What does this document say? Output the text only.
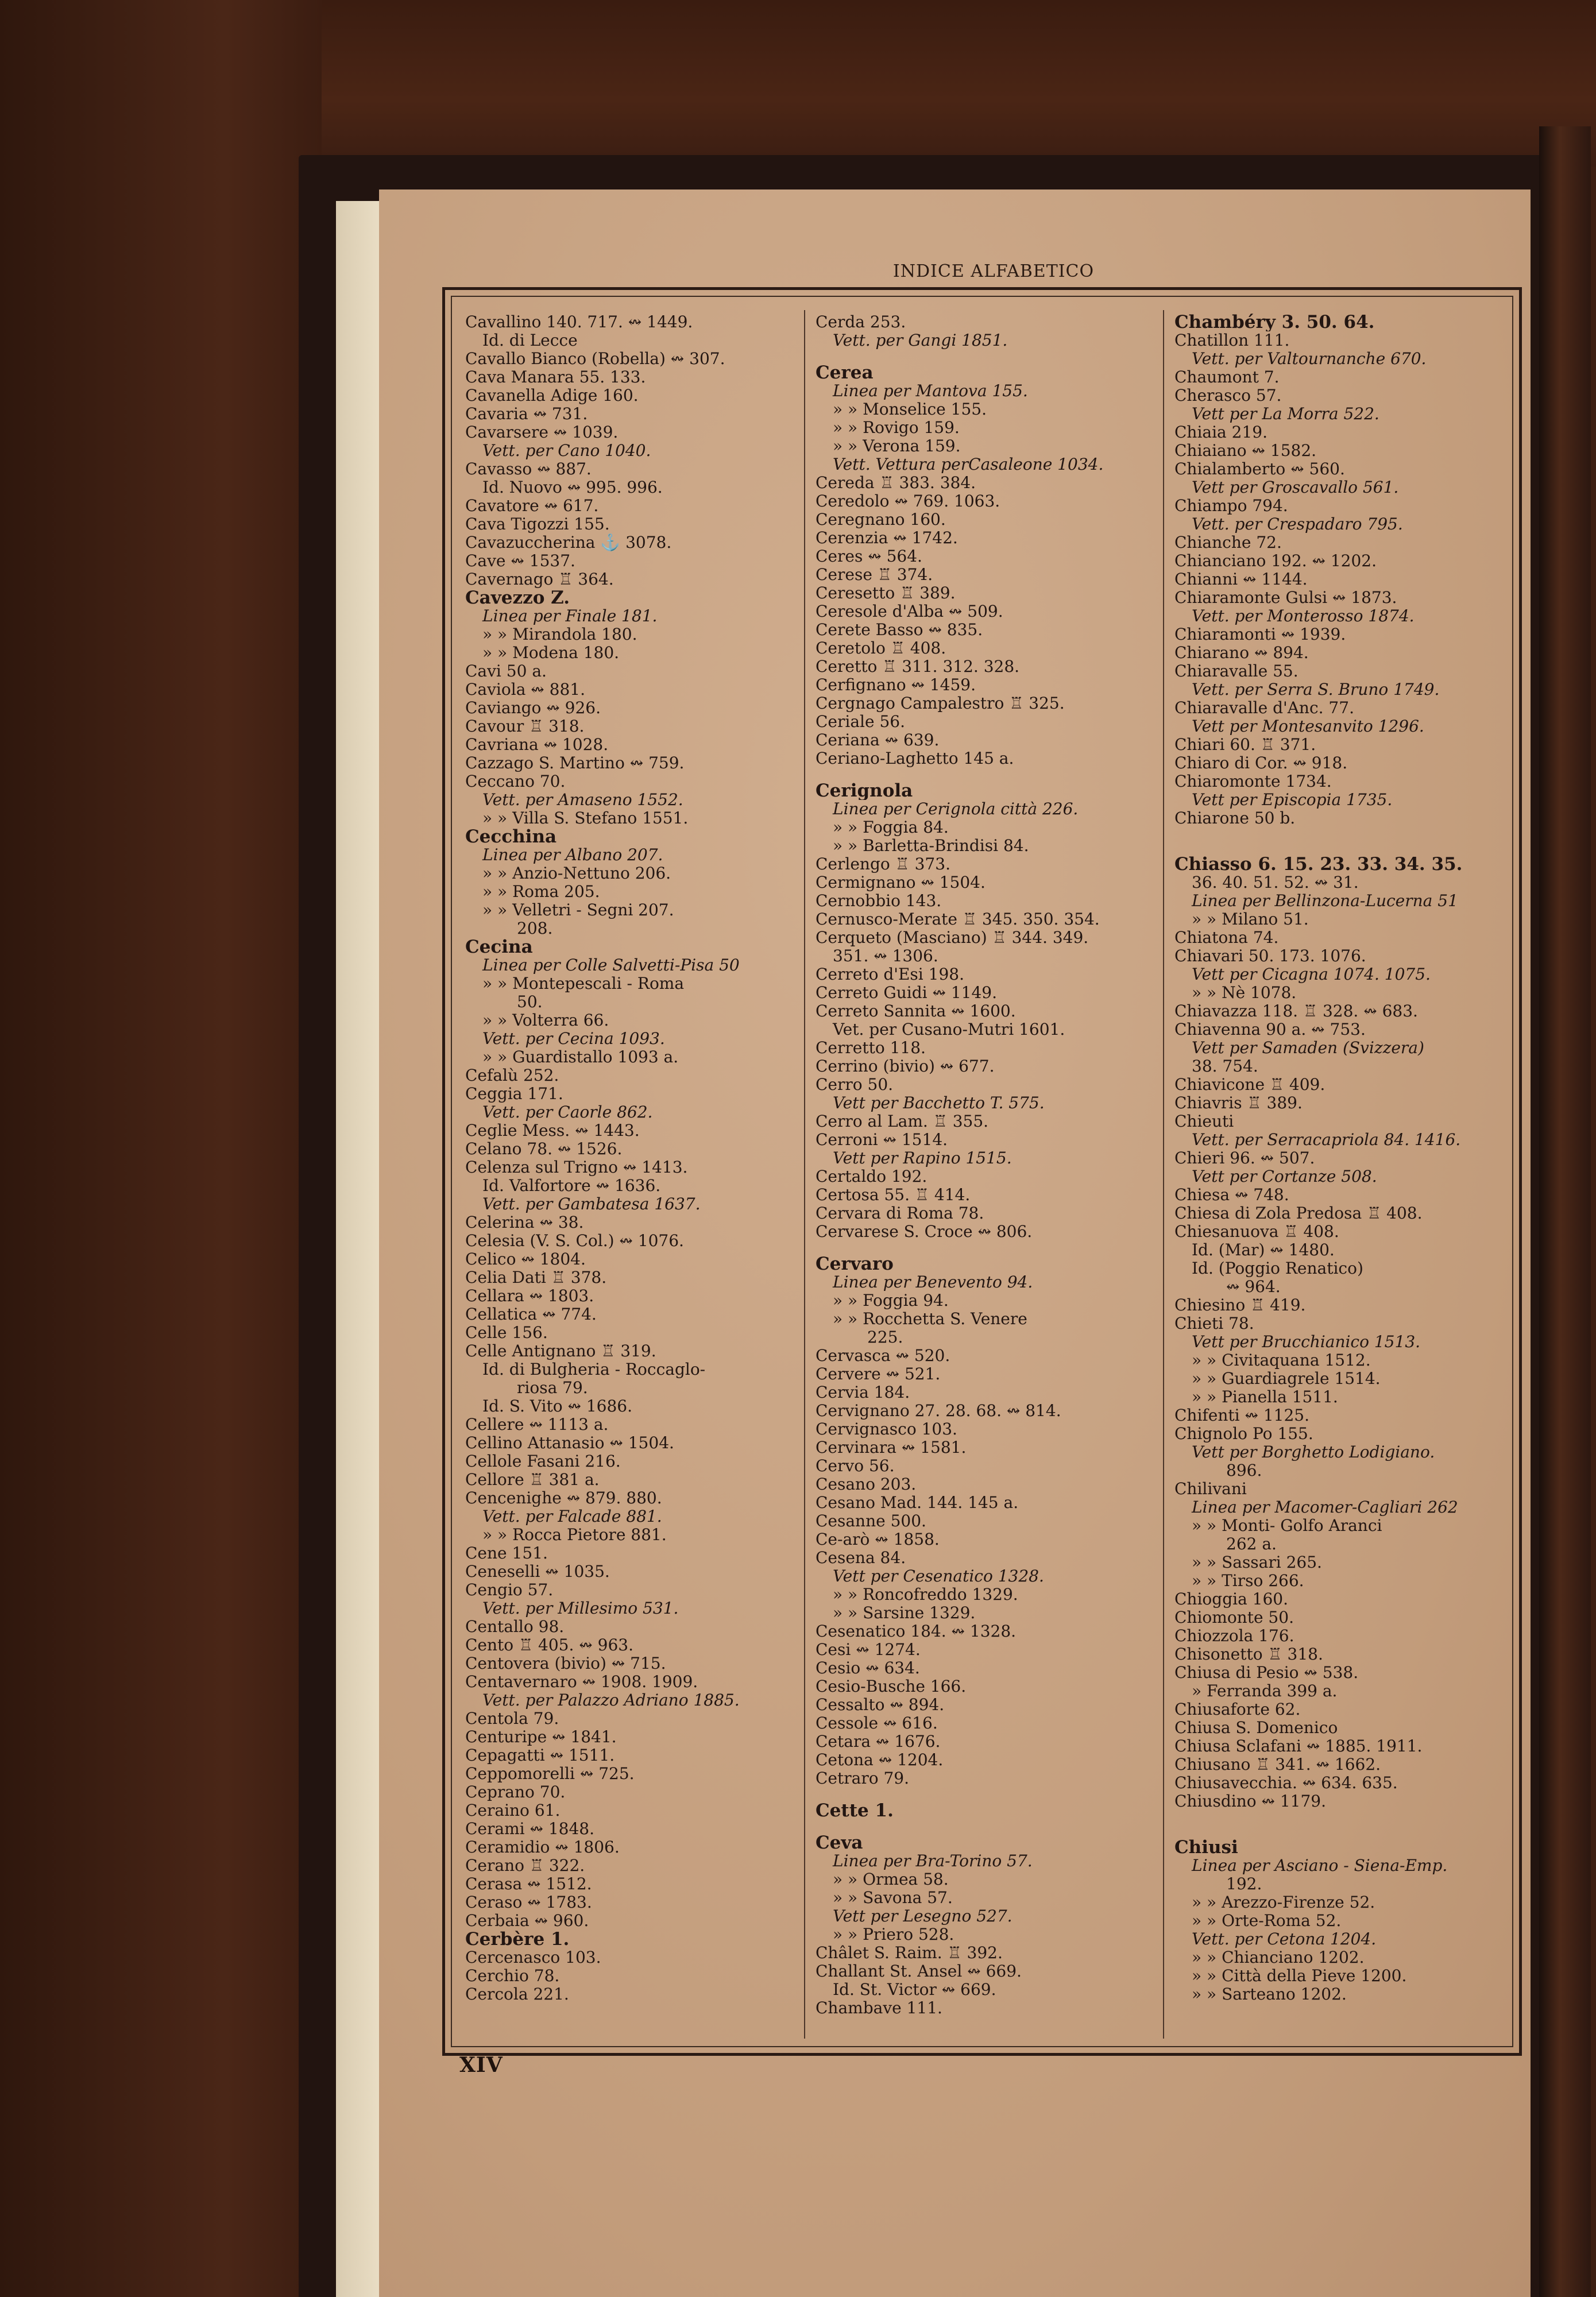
INDICE ALFABETICO
Cavallino 140. 717. ↭ 1449.
Id. di Lecce
Cavallo Bianco (Robella) ↭ 307.
Cava Manara 55. 133.
Cavanella Adige 160.
Cavaria ↭ 731.
Cavarsere ↭ 1039.
Vett. per Cano 1040.
Cavasso ↭ 887.
Id. Nuovo ↭ 995. 996.
Cavatore ↭ 617.
Cava Tigozzi 155.
Cavazuccherina ⚓ 3078.
Cave ↭ 1537.
Cavernago ♖ 364.
Cavezzo Z.
Linea per Finale 181.
» » Mirandola 180.
» » Modena 180.
Cavi 50 a.
Caviola ↭ 881.
Caviango ↭ 926.
Cavour ♖ 318.
Cavriana ↭ 1028.
Cazzago S. Martino ↭ 759.
Ceccano 70.
Vett. per Amaseno 1552.
» » Villa S. Stefano 1551.
Cecchina
Linea per Albano 207.
» » Anzio-Nettuno 206.
» » Roma 205.
» » Velletri - Segni 207.
208.
Cecina
Linea per Colle Salvetti-Pisa 50
» » Montepescali - Roma
50.
» » Volterra 66.
Vett. per Cecina 1093.
» » Guardistallo 1093 a.
Cefalù 252.
Ceggia 171.
Vett. per Caorle 862.
Ceglie Mess. ↭ 1443.
Celano 78. ↭ 1526.
Celenza sul Trigno ↭ 1413.
Id. Valfortore ↭ 1636.
Vett. per Gambatesa 1637.
Celerina ↭ 38.
Celesia (V. S. Col.) ↭ 1076.
Celico ↭ 1804.
Celia Dati ♖ 378.
Cellara ↭ 1803.
Cellatica ↭ 774.
Celle 156.
Celle Antignano ♖ 319.
Id. di Bulgheria - Roccaglo-
riosa 79.
Id. S. Vito ↭ 1686.
Cellere ↭ 1113 a.
Cellino Attanasio ↭ 1504.
Cellole Fasani 216.
Cellore ♖ 381 a.
Cencenighe ↭ 879. 880.
Vett. per Falcade 881.
» » Rocca Pietore 881.
Cene 151.
Ceneselli ↭ 1035.
Cengio 57.
Vett. per Millesimo 531.
Centallo 98.
Cento ♖ 405. ↭ 963.
Centovera (bivio) ↭ 715.
Centavernaro ↭ 1908. 1909.
Vett. per Palazzo Adriano 1885.
Centola 79.
Centuripe ↭ 1841.
Cepagatti ↭ 1511.
Ceppomorelli ↭ 725.
Ceprano 70.
Ceraino 61.
Cerami ↭ 1848.
Ceramidio ↭ 1806.
Cerano ♖ 322.
Cerasa ↭ 1512.
Ceraso ↭ 1783.
Cerbaia ↭ 960.
Cerbère 1.
Cercenasco 103.
Cerchio 78.
Cercola 221.
Cerda 253.
Vett. per Gangi 1851.
Cerea
Linea per Mantova 155.
» » Monselice 155.
» » Rovigo 159.
» » Verona 159.
Vett. Vettura perCasaleone 1034.
Cereda ♖ 383. 384.
Ceredolo ↭ 769. 1063.
Ceregnano 160.
Cerenzia ↭ 1742.
Ceres ↭ 564.
Cerese ♖ 374.
Ceresetto ♖ 389.
Ceresole d'Alba ↭ 509.
Cerete Basso ↭ 835.
Ceretolo ♖ 408.
Ceretto ♖ 311. 312. 328.
Cerfignano ↭ 1459.
Cergnago Campalestro ♖ 325.
Ceriale 56.
Ceriana ↭ 639.
Ceriano-Laghetto 145 a.
Cerignola
Linea per Cerignola città 226.
» » Foggia 84.
» » Barletta-Brindisi 84.
Cerlengo ♖ 373.
Cermignano ↭ 1504.
Cernobbio 143.
Cernusco-Merate ♖ 345. 350. 354.
Cerqueto (Masciano) ♖ 344. 349.
351. ↭ 1306.
Cerreto d'Esi 198.
Cerreto Guidi ↭ 1149.
Cerreto Sannita ↭ 1600.
Vet. per Cusano-Mutri 1601.
Cerretto 118.
Cerrino (bivio) ↭ 677.
Cerro 50.
Vett per Bacchetto T. 575.
Cerro al Lam. ♖ 355.
Cerroni ↭ 1514.
Vett per Rapino 1515.
Certaldo 192.
Certosa 55. ♖ 414.
Cervara di Roma 78.
Cervarese S. Croce ↭ 806.
Cervaro
Linea per Benevento 94.
» » Foggia 94.
» » Rocchetta S. Venere
225.
Cervasca ↭ 520.
Cervere ↭ 521.
Cervia 184.
Cervignano 27. 28. 68. ↭ 814.
Cervignasco 103.
Cervinara ↭ 1581.
Cervo 56.
Cesano 203.
Cesano Mad. 144. 145 a.
Cesanne 500.
Ce-arò ↭ 1858.
Cesena 84.
Vett per Cesenatico 1328.
» » Roncofreddo 1329.
» » Sarsine 1329.
Cesenatico 184. ↭ 1328.
Cesi ↭ 1274.
Cesio ↭ 634.
Cesio-Busche 166.
Cessalto ↭ 894.
Cessole ↭ 616.
Cetara ↭ 1676.
Cetona ↭ 1204.
Cetraro 79.
Cette 1.
Ceva
Linea per Bra-Torino 57.
» » Ormea 58.
» » Savona 57.
Vett per Lesegno 527.
» » Priero 528.
Châlet S. Raim. ♖ 392.
Challant St. Ansel ↭ 669.
Id. St. Victor ↭ 669.
Chambave 111.
Chambéry 3. 50. 64.
Chatillon 111.
Vett. per Valtournanche 670.
Chaumont 7.
Cherasco 57.
Vett per La Morra 522.
Chiaia 219.
Chiaiano ↭ 1582.
Chialamberto ↭ 560.
Vett per Groscavallo 561.
Chiampo 794.
Vett. per Crespadaro 795.
Chianche 72.
Chianciano 192. ↭ 1202.
Chianni ↭ 1144.
Chiaramonte Gulsi ↭ 1873.
Vett. per Monterosso 1874.
Chiaramonti ↭ 1939.
Chiarano ↭ 894.
Chiaravalle 55.
Vett. per Serra S. Bruno 1749.
Chiaravalle d'Anc. 77.
Vett per Montesanvito 1296.
Chiari 60. ♖ 371.
Chiaro di Cor. ↭ 918.
Chiaromonte 1734.
Vett per Episcopia 1735.
Chiarone 50 b.
Chiasso 6. 15. 23. 33. 34. 35.
36. 40. 51. 52. ↭ 31.
Linea per Bellinzona-Lucerna 51
» » Milano 51.
Chiatona 74.
Chiavari 50. 173. 1076.
Vett per Cicagna 1074. 1075.
» » Nè 1078.
Chiavazza 118. ♖ 328. ↭ 683.
Chiavenna 90 a. ↭ 753.
Vett per Samaden (Svizzera)
38. 754.
Chiavicone ♖ 409.
Chiavris ♖ 389.
Chieuti
Vett. per Serracapriola 84. 1416.
Chieri 96. ↭ 507.
Vett per Cortanze 508.
Chiesa ↭ 748.
Chiesa di Zola Predosa ♖ 408.
Chiesanuova ♖ 408.
Id. (Mar) ↭ 1480.
Id. (Poggio Renatico)
↭ 964.
Chiesino ♖ 419.
Chieti 78.
Vett per Brucchianico 1513.
» » Civitaquana 1512.
» » Guardiagrele 1514.
» » Pianella 1511.
Chifenti ↭ 1125.
Chignolo Po 155.
Vett per Borghetto Lodigiano.
896.
Chilivani
Linea per Macomer-Cagliari 262
» » Monti- Golfo Aranci
262 a.
» » Sassari 265.
» » Tirso 266.
Chioggia 160.
Chiomonte 50.
Chiozzola 176.
Chisonetto ♖ 318.
Chiusa di Pesio ↭ 538.
» Ferranda 399 a.
Chiusaforte 62.
Chiusa S. Domenico
Chiusa Sclafani ↭ 1885. 1911.
Chiusano ♖ 341. ↭ 1662.
Chiusavecchia. ↭ 634. 635.
Chiusdino ↭ 1179.
Chiusi
Linea per Asciano - Siena-Emp.
192.
» » Arezzo-Firenze 52.
» » Orte-Roma 52.
Vett. per Cetona 1204.
» » Chianciano 1202.
» » Città della Pieve 1200.
» » Sarteano 1202.
XIV
